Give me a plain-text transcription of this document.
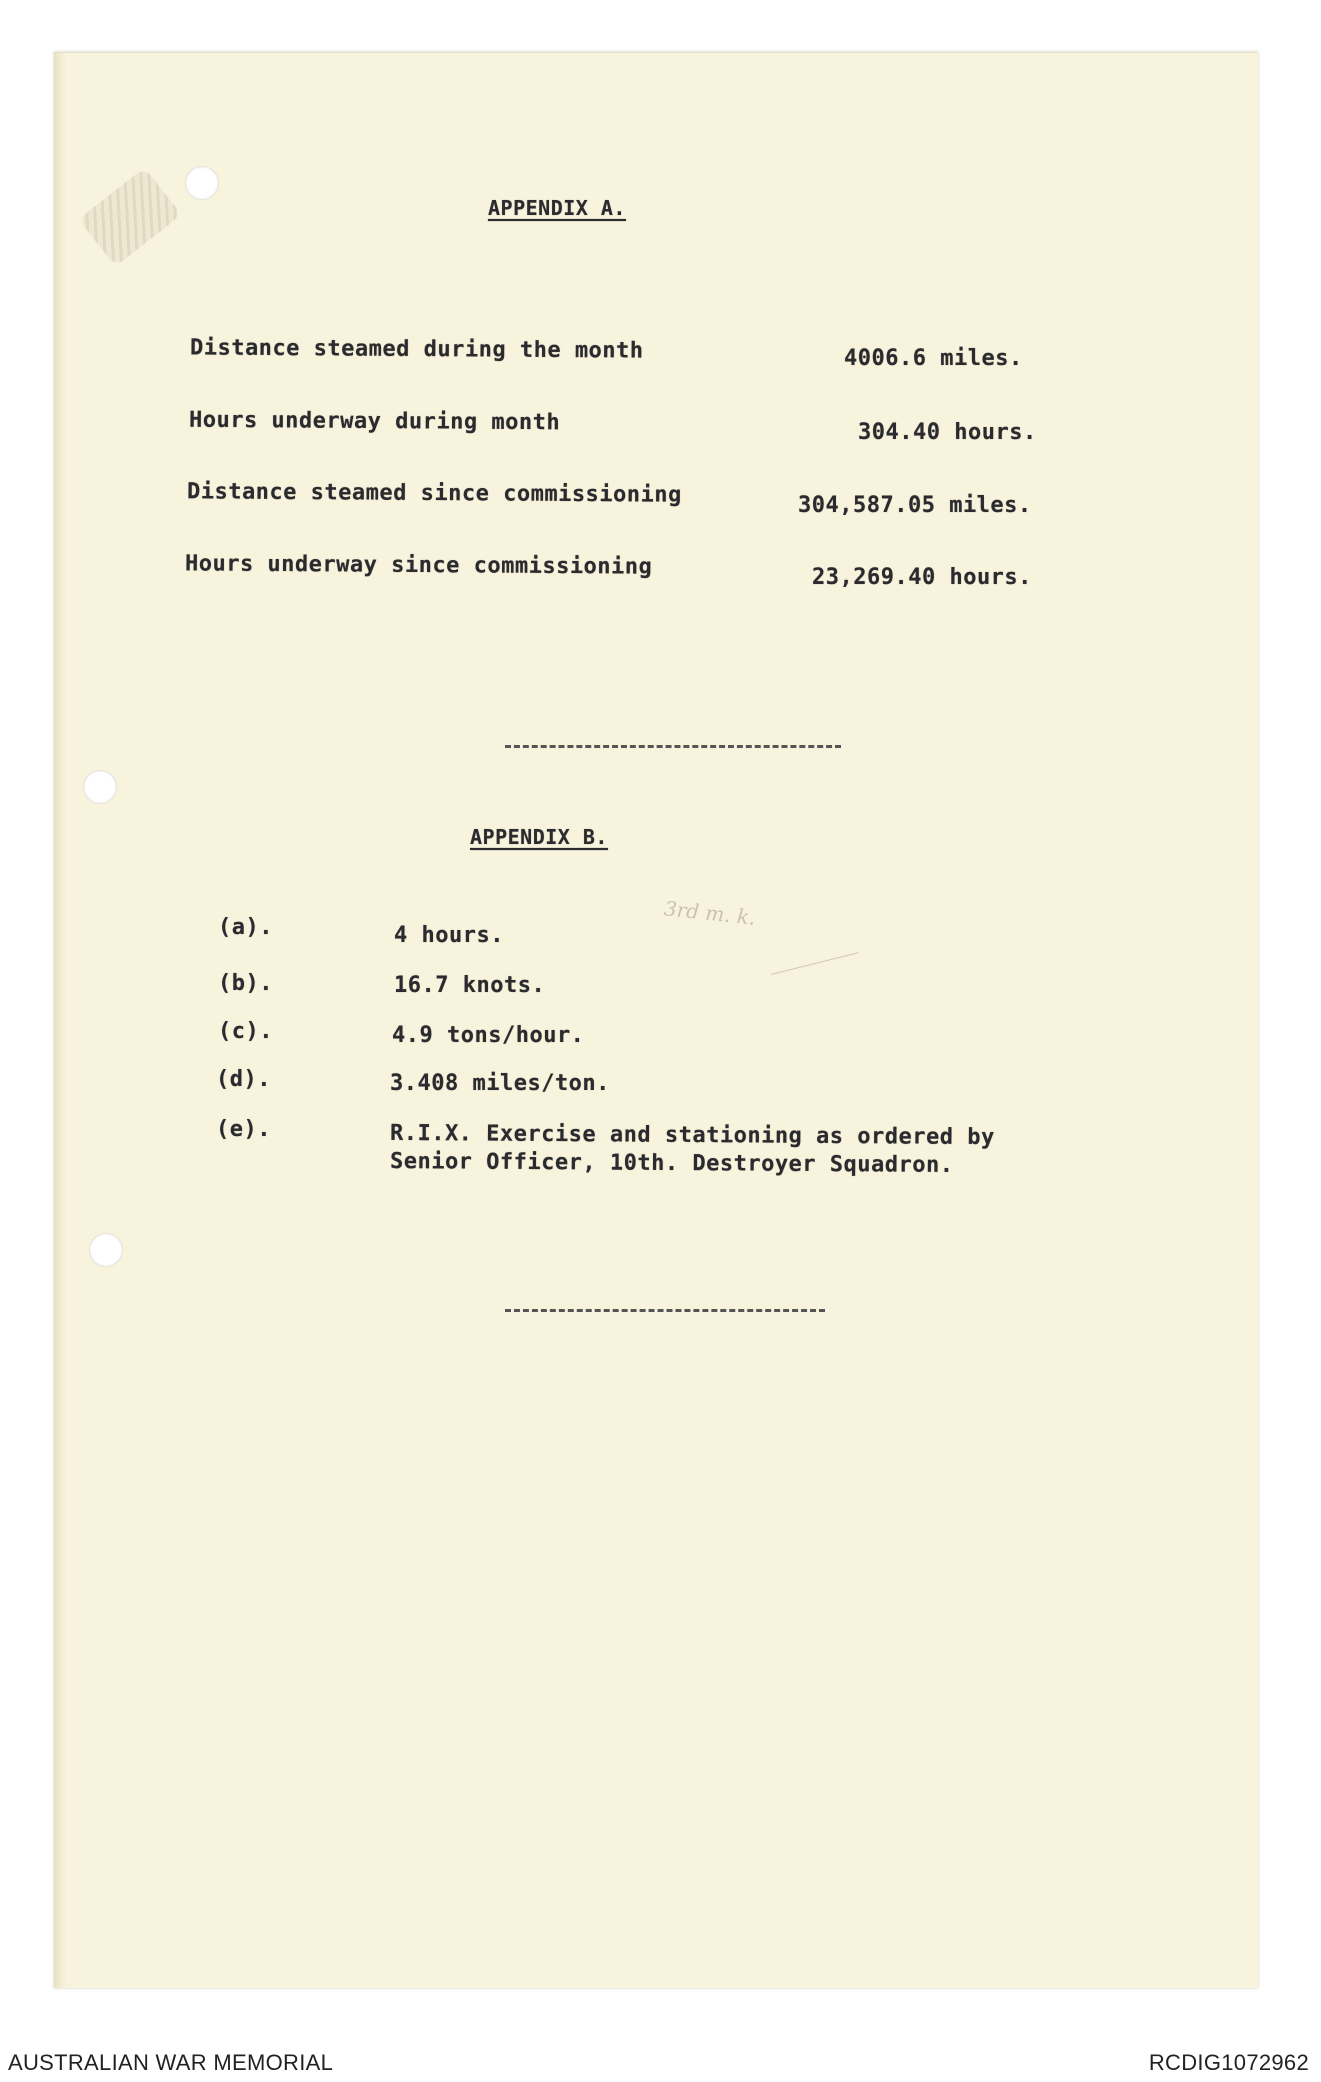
APPENDIX A.
Distance steamed during the month	4006.6 miles.
Hours underway during month	304.40 hours.
Distance steamed since commissioning	304,587.05 miles.
Hours underway since commissioning	23,269.40 hours.
APPENDIX B.
3rd m. k.
(a).	4 hours.
(b).	16.7 knots.
(c).	4.9 tons/hour.
(d).	3.408 miles/ton.
(e).	R.I.X. Exercise and stationing as ordered by
Senior Officer, 10th. Destroyer Squadron.
AUSTRALIAN WAR MEMORIAL	RCDIG1072962
